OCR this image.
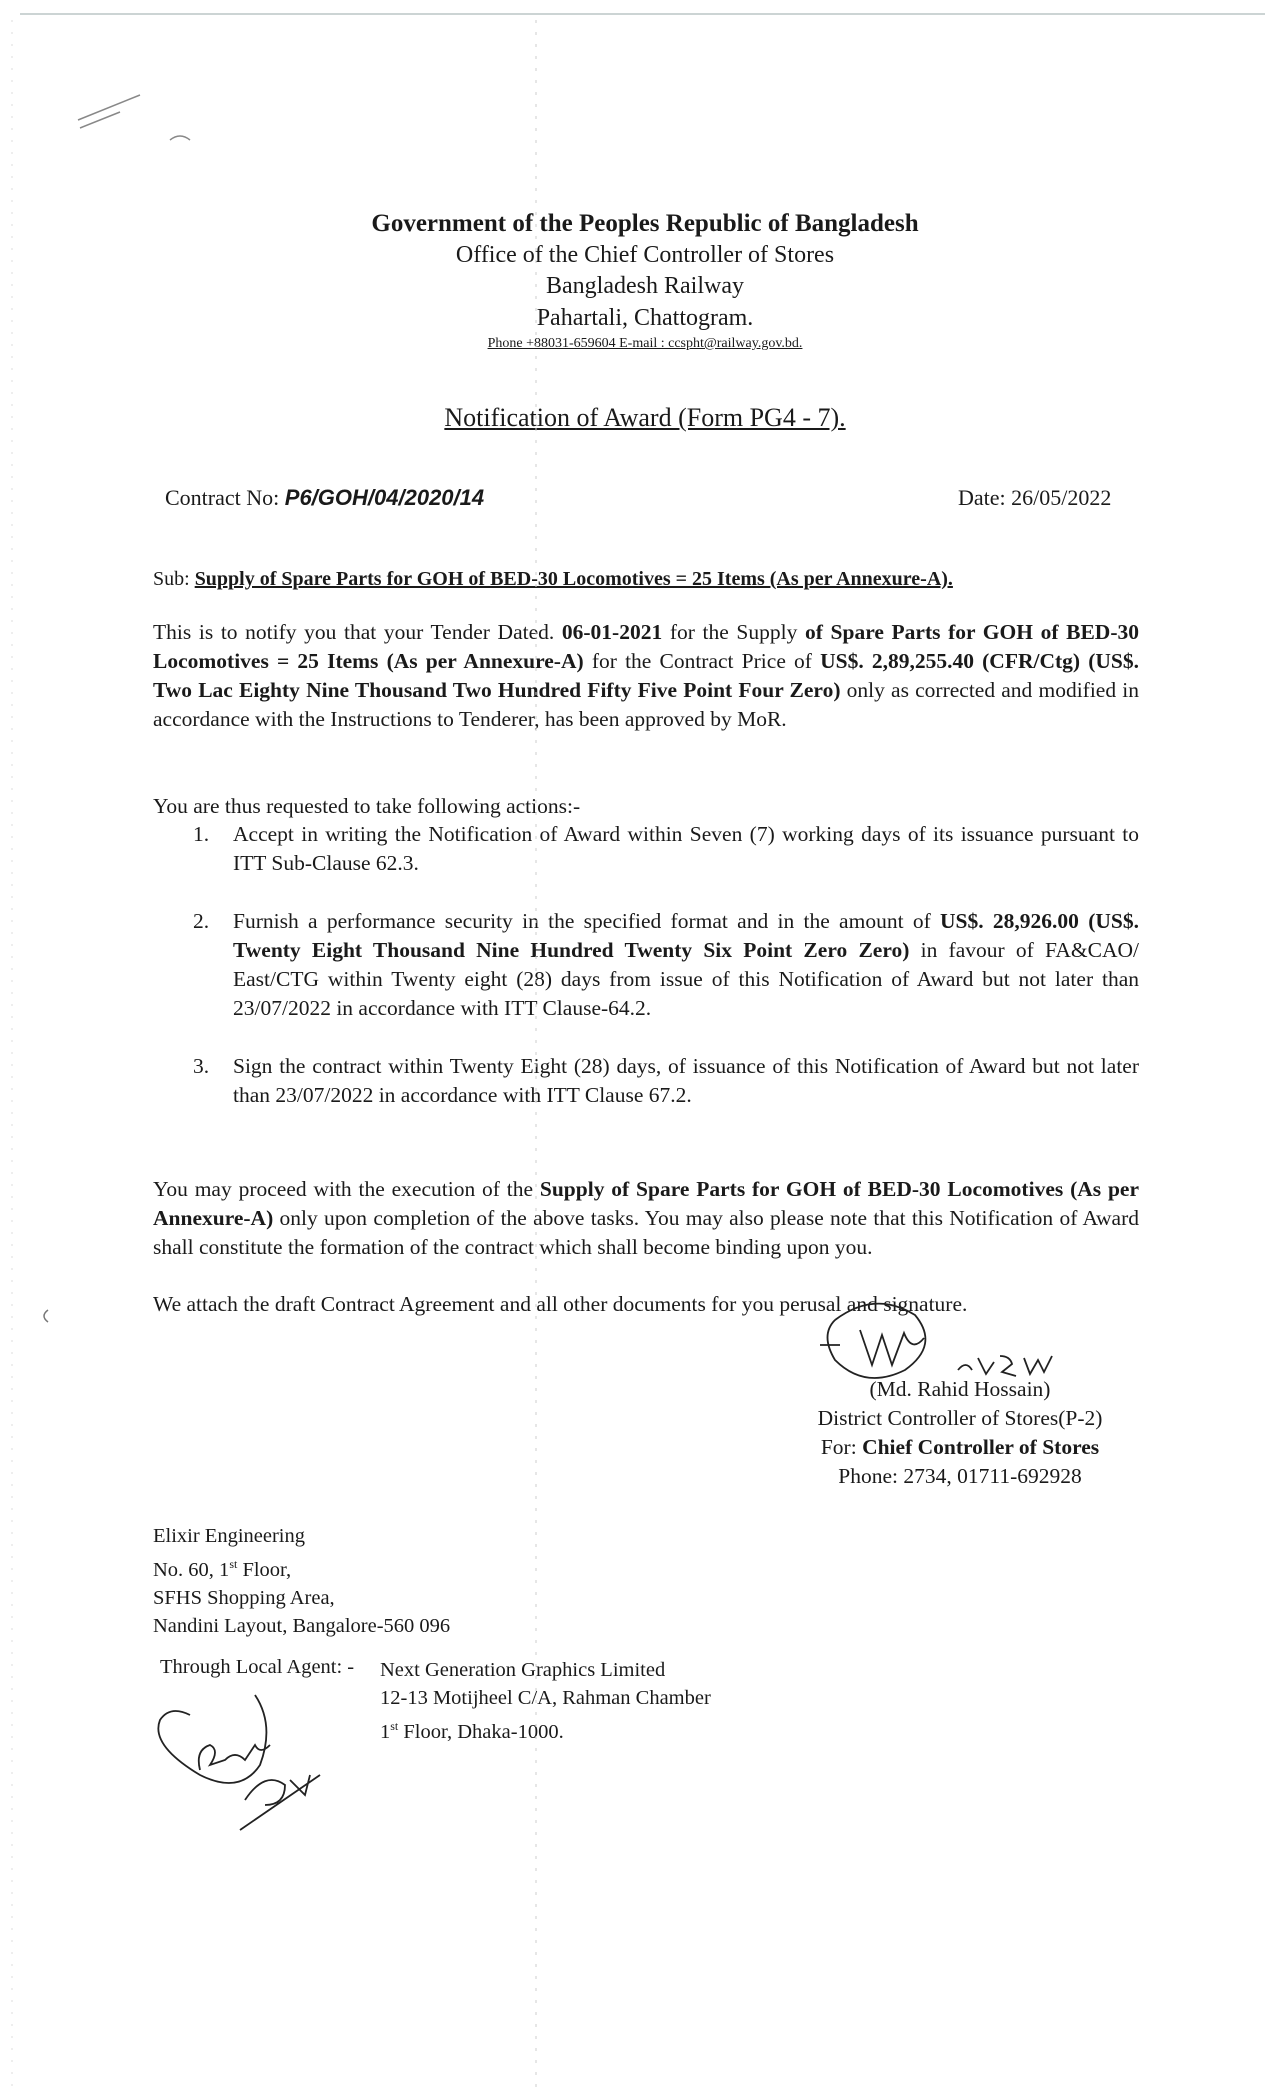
Government of the Peoples Republic of Bangladesh
Office of the Chief Controller of Stores
Bangladesh Railway
Pahartali, Chattogram.
Phone +88031-659604 E-mail : ccspht@railway.gov.bd.
Notification of Award (Form PG4 - 7).
Contract No: P6/GOH/04/2020/14	Date: 26/05/2022
Sub: Supply of Spare Parts for GOH of BED-30 Locomotives = 25 Items (As per Annexure-A).
This is to notify you that your Tender Dated. 06-01-2021 for the Supply of Spare Parts for GOH of BED-30 Locomotives = 25 Items (As per Annexure-A) for the Contract Price of US$. 2,89,255.40 (CFR/Ctg) (US$. Two Lac Eighty Nine Thousand Two Hundred Fifty Five Point Four Zero) only as corrected and modified in accordance with the Instructions to Tenderer, has been approved by MoR.
You are thus requested to take following actions:-
1. Accept in writing the Notification of Award within Seven (7) working days of its issuance pursuant to ITT Sub-Clause 62.3.
2. Furnish a performance security in the specified format and in the amount of US$. 28,926.00 (US$. Twenty Eight Thousand Nine Hundred Twenty Six Point Zero Zero) in favour of FA&CAO/ East/CTG within Twenty eight (28) days from issue of this Notification of Award but not later than 23/07/2022 in accordance with ITT Clause-64.2.
3. Sign the contract within Twenty Eight (28) days, of issuance of this Notification of Award but not later than 23/07/2022 in accordance with ITT Clause 67.2.
You may proceed with the execution of the Supply of Spare Parts for GOH of BED-30 Locomotives (As per Annexure-A) only upon completion of the above tasks. You may also please note that this Notification of Award shall constitute the formation of the contract which shall become binding upon you.
We attach the draft Contract Agreement and all other documents for you perusal and signature.
(Md. Rahid Hossain)
District Controller of Stores(P-2)
For: Chief Controller of Stores
Phone: 2734, 01711-692928
Elixir Engineering
No. 60, 1st Floor,
SFHS Shopping Area,
Nandini Layout, Bangalore-560 096
Through Local Agent: - Next Generation Graphics Limited
12-13 Motijheel C/A, Rahman Chamber
1st Floor, Dhaka-1000.
